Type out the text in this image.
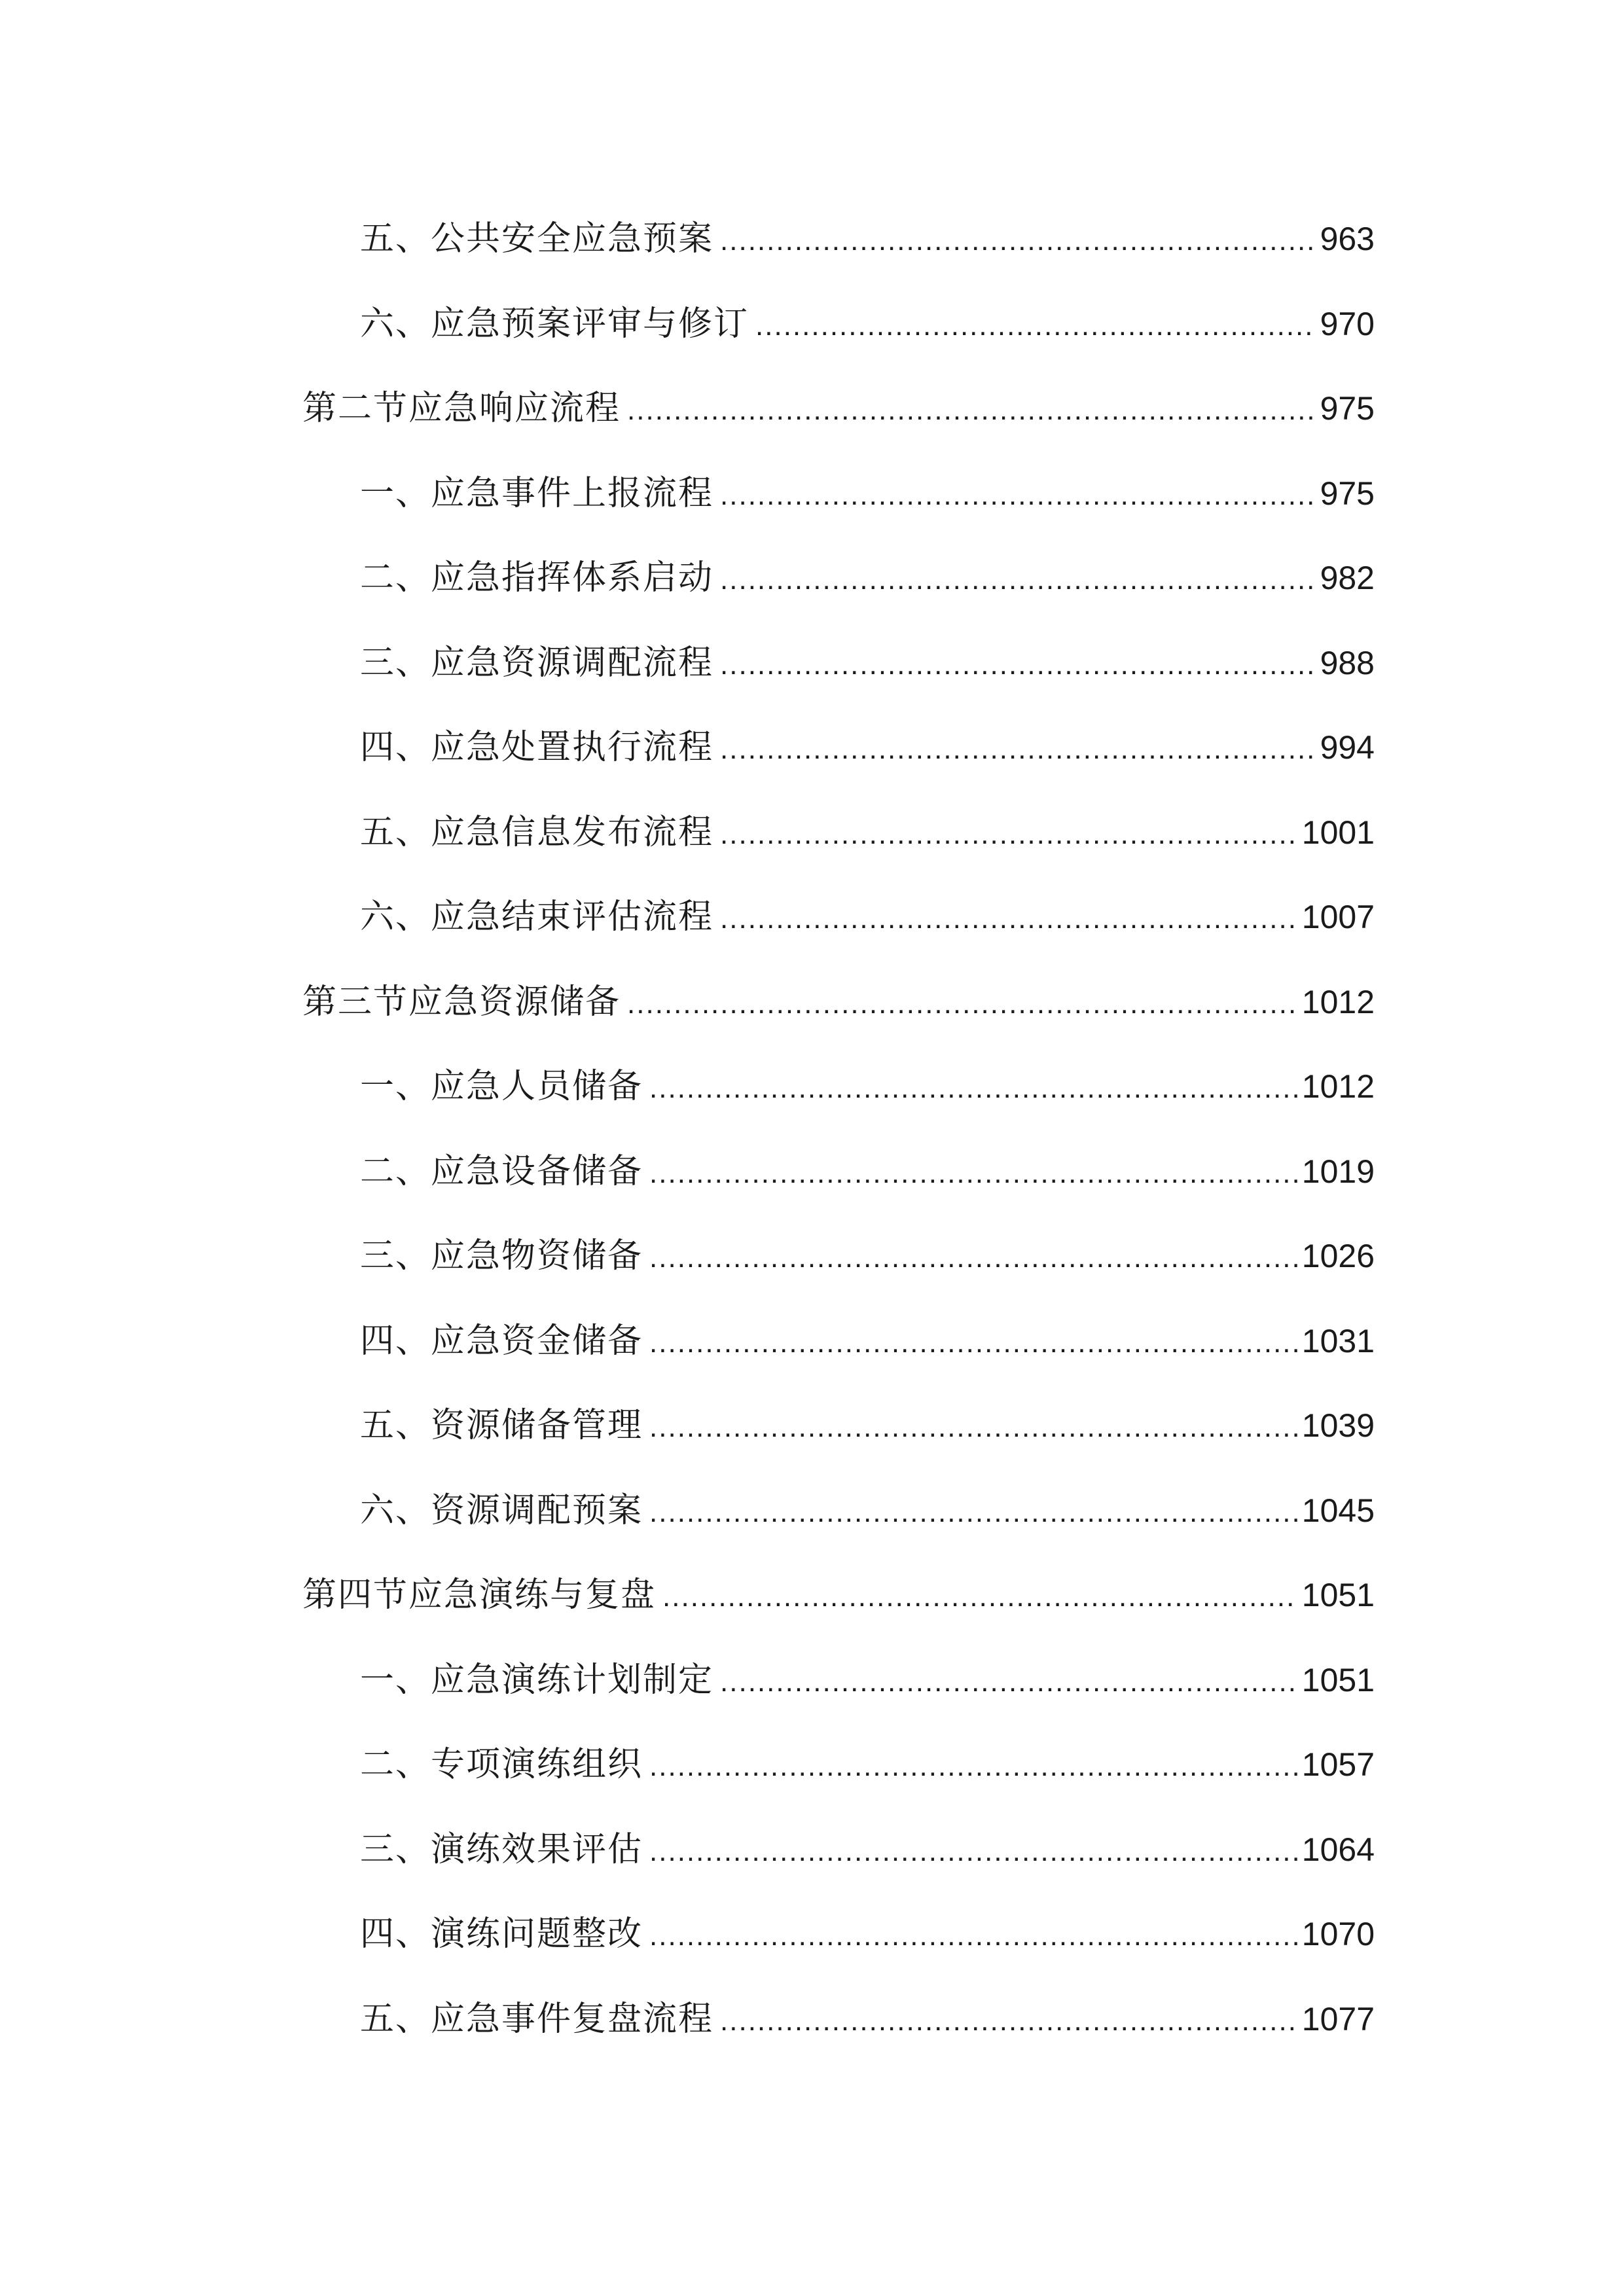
五、公共安全应急预案 .....	963
六、应急预案评审与修订 .....	970
第二节应急响应流程 .....	975
一、应急事件上报流程 .....	975
二、应急指挥体系启动 .....	982
三、应急资源调配流程 .....	988
四、应急处置执行流程 .....	994
五、应急信息发布流程 .....	1001
六、应急结束评估流程 .....	1007
第三节应急资源储备 .....	1012
一、应急人员储备 .....	1012
二、应急设备储备 .....	1019
三、应急物资储备 .....	1026
四、应急资金储备 .....	1031
五、资源储备管理 .....	1039
六、资源调配预案 .....	1045
第四节应急演练与复盘 .....	1051
一、应急演练计划制定 .....	1051
二、专项演练组织 .....	1057
三、演练效果评估 .....	1064
四、演练问题整改 .....	1070
五、应急事件复盘流程 .....	1077
